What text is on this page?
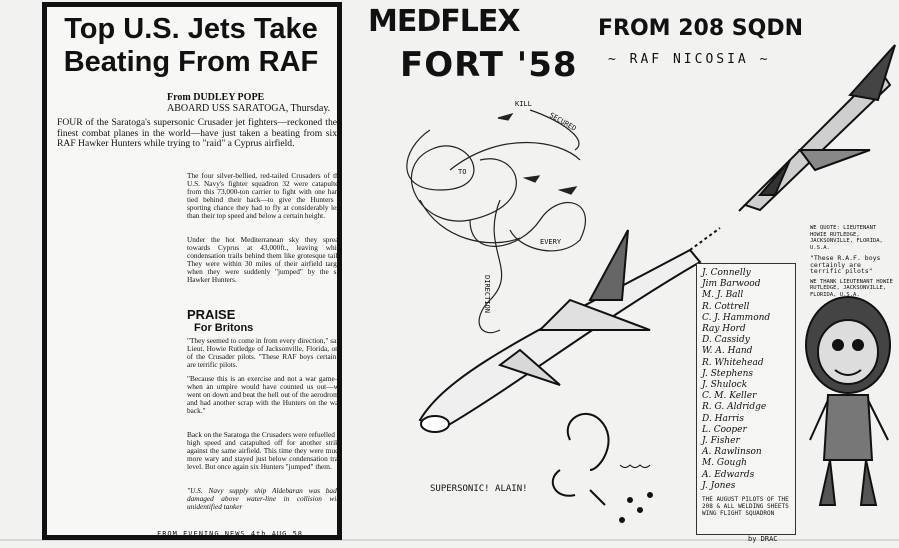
Top U.S. Jets Take Beating From RAF
From DUDLEY POPE
ABOARD USS SARATOGA, Thursday.
FOUR of the Saratoga's supersonic Crusader jet fighters—reckoned the finest combat planes in the world—have just taken a beating from six RAF Hawker Hunters while trying to "raid" a Cyprus airfield.
The four silver-bellied, red-tailed Crusaders of the U.S. Navy's fighter squadron 32 were catapulted from this 73,000-ton carrier to fight with one hand tied behind their back—to give the Hunters a sporting chance they had to fly at considerably less than their top speed and below a certain height.
Under the hot Mediterranean sky they spread towards Cyprus at 43,000ft., leaving white condensation trails behind them like grotesque tails. They were within 30 miles of their airfield target when they were suddenly "jumped" by the six Hawker Hunters.
PRAISE
For Britons
"They seemed to come in from every direction," said Lieut. Howie Rutledge of Jacksonville, Florida, one of the Crusader pilots. "These RAF boys certainly are terrific pilots.
"Because this is an exercise and not a war game—when an umpire would have counted us out—we went on down and beat the hell out of the aerodrome and had another scrap with the Hunters on the way back."
Back on the Saratoga the Crusaders were refuelled at high speed and catapulted off for another strike against the same airfield. This time they were much more wary and stayed just below condensation trail level. But once again six Hunters "jumped" them.
"U.S. Navy supply ship Aldebaran was badly damaged above water-line in collision with unidentified tanker
FROM EVENING NEWS 4th AUG 58
MEDFLEX
FORT '58
FROM 208 SQDN
~ RAF NICOSIA ~
KILL
SECURED
TO
EVERY
DIRECTION
WE QUOTE: LIEUTENANT HOWIE RUTLEDGE, JACKSONVILLE, FLORIDA, U.S.A.
"These R.A.F. boys certainly are terrific pilots"
WE THANK LIEUTENANT HOWIE RUTLEDGE, JACKSONVILLE, FLORIDA, U.S.A.
J. Connelly
Jim Barwood
M. J. Ball
R. Cottrell
C. J. Hammond
Ray Hord
D. Cassidy
W. A. Hand
R. Whitehead
J. Stephens
J. Shulock
C. M. Keller
R. G. Aldridge
D. Harris
L. Cooper
J. Fisher
A. Rawlinson
M. Gough
A. Edwards
J. Jones
THE AUGUST PILOTS OF THE 208 & ALL WELDING SHEETS WING FLIGHT SQUADRON
SUPERSONIC! ALAIN!
by DRAC
